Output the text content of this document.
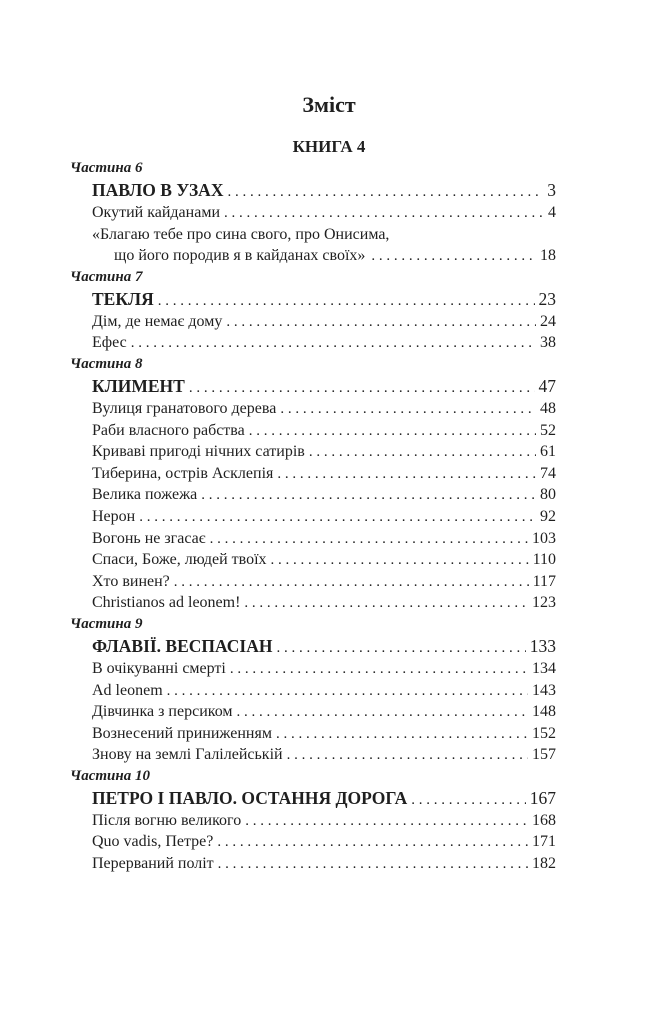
Зміст
КНИГА 4
Частина 6
ПАВЛО В УЗАХ . . .	3
Окутий кайданами . . .	4
«Благаю тебе про сина свого, про Онисима,
що його породив я в кайданах своїх» . . .	18
Частина 7
ТЕКЛЯ . . .	23
Дім, де немає дому . . .	24
Ефес . . .	38
Частина 8
КЛИМЕНТ . . .	47
Вулиця гранатового дерева . . .	48
Раби власного рабства . . .	52
Криваві пригоді нічних сатирів . . .	61
Тиберина, острів Асклепія . . .	74
Велика пожежа . . .	80
Нерон . . .	92
Вогонь не згасає . . .	103
Спаси, Боже, людей твоїх . . .	110
Хто винен? . . .	117
Christianos ad leonem! . . .	123
Частина 9
ФЛАВІЇ. ВЕСПАСІАН . . .	133
В очікуванні смерті . . .	134
Ad leonem . . .	143
Дівчинка з персиком . . .	148
Вознесений приниженням . . .	152
Знову на землі Галілейській . . .	157
Частина 10
ПЕТРО І ПАВЛО. ОСТАННЯ ДОРОГА . . .	167
Після вогню великого . . .	168
Quo vadis, Петре? . . .	171
Перерваний політ . . .	182
